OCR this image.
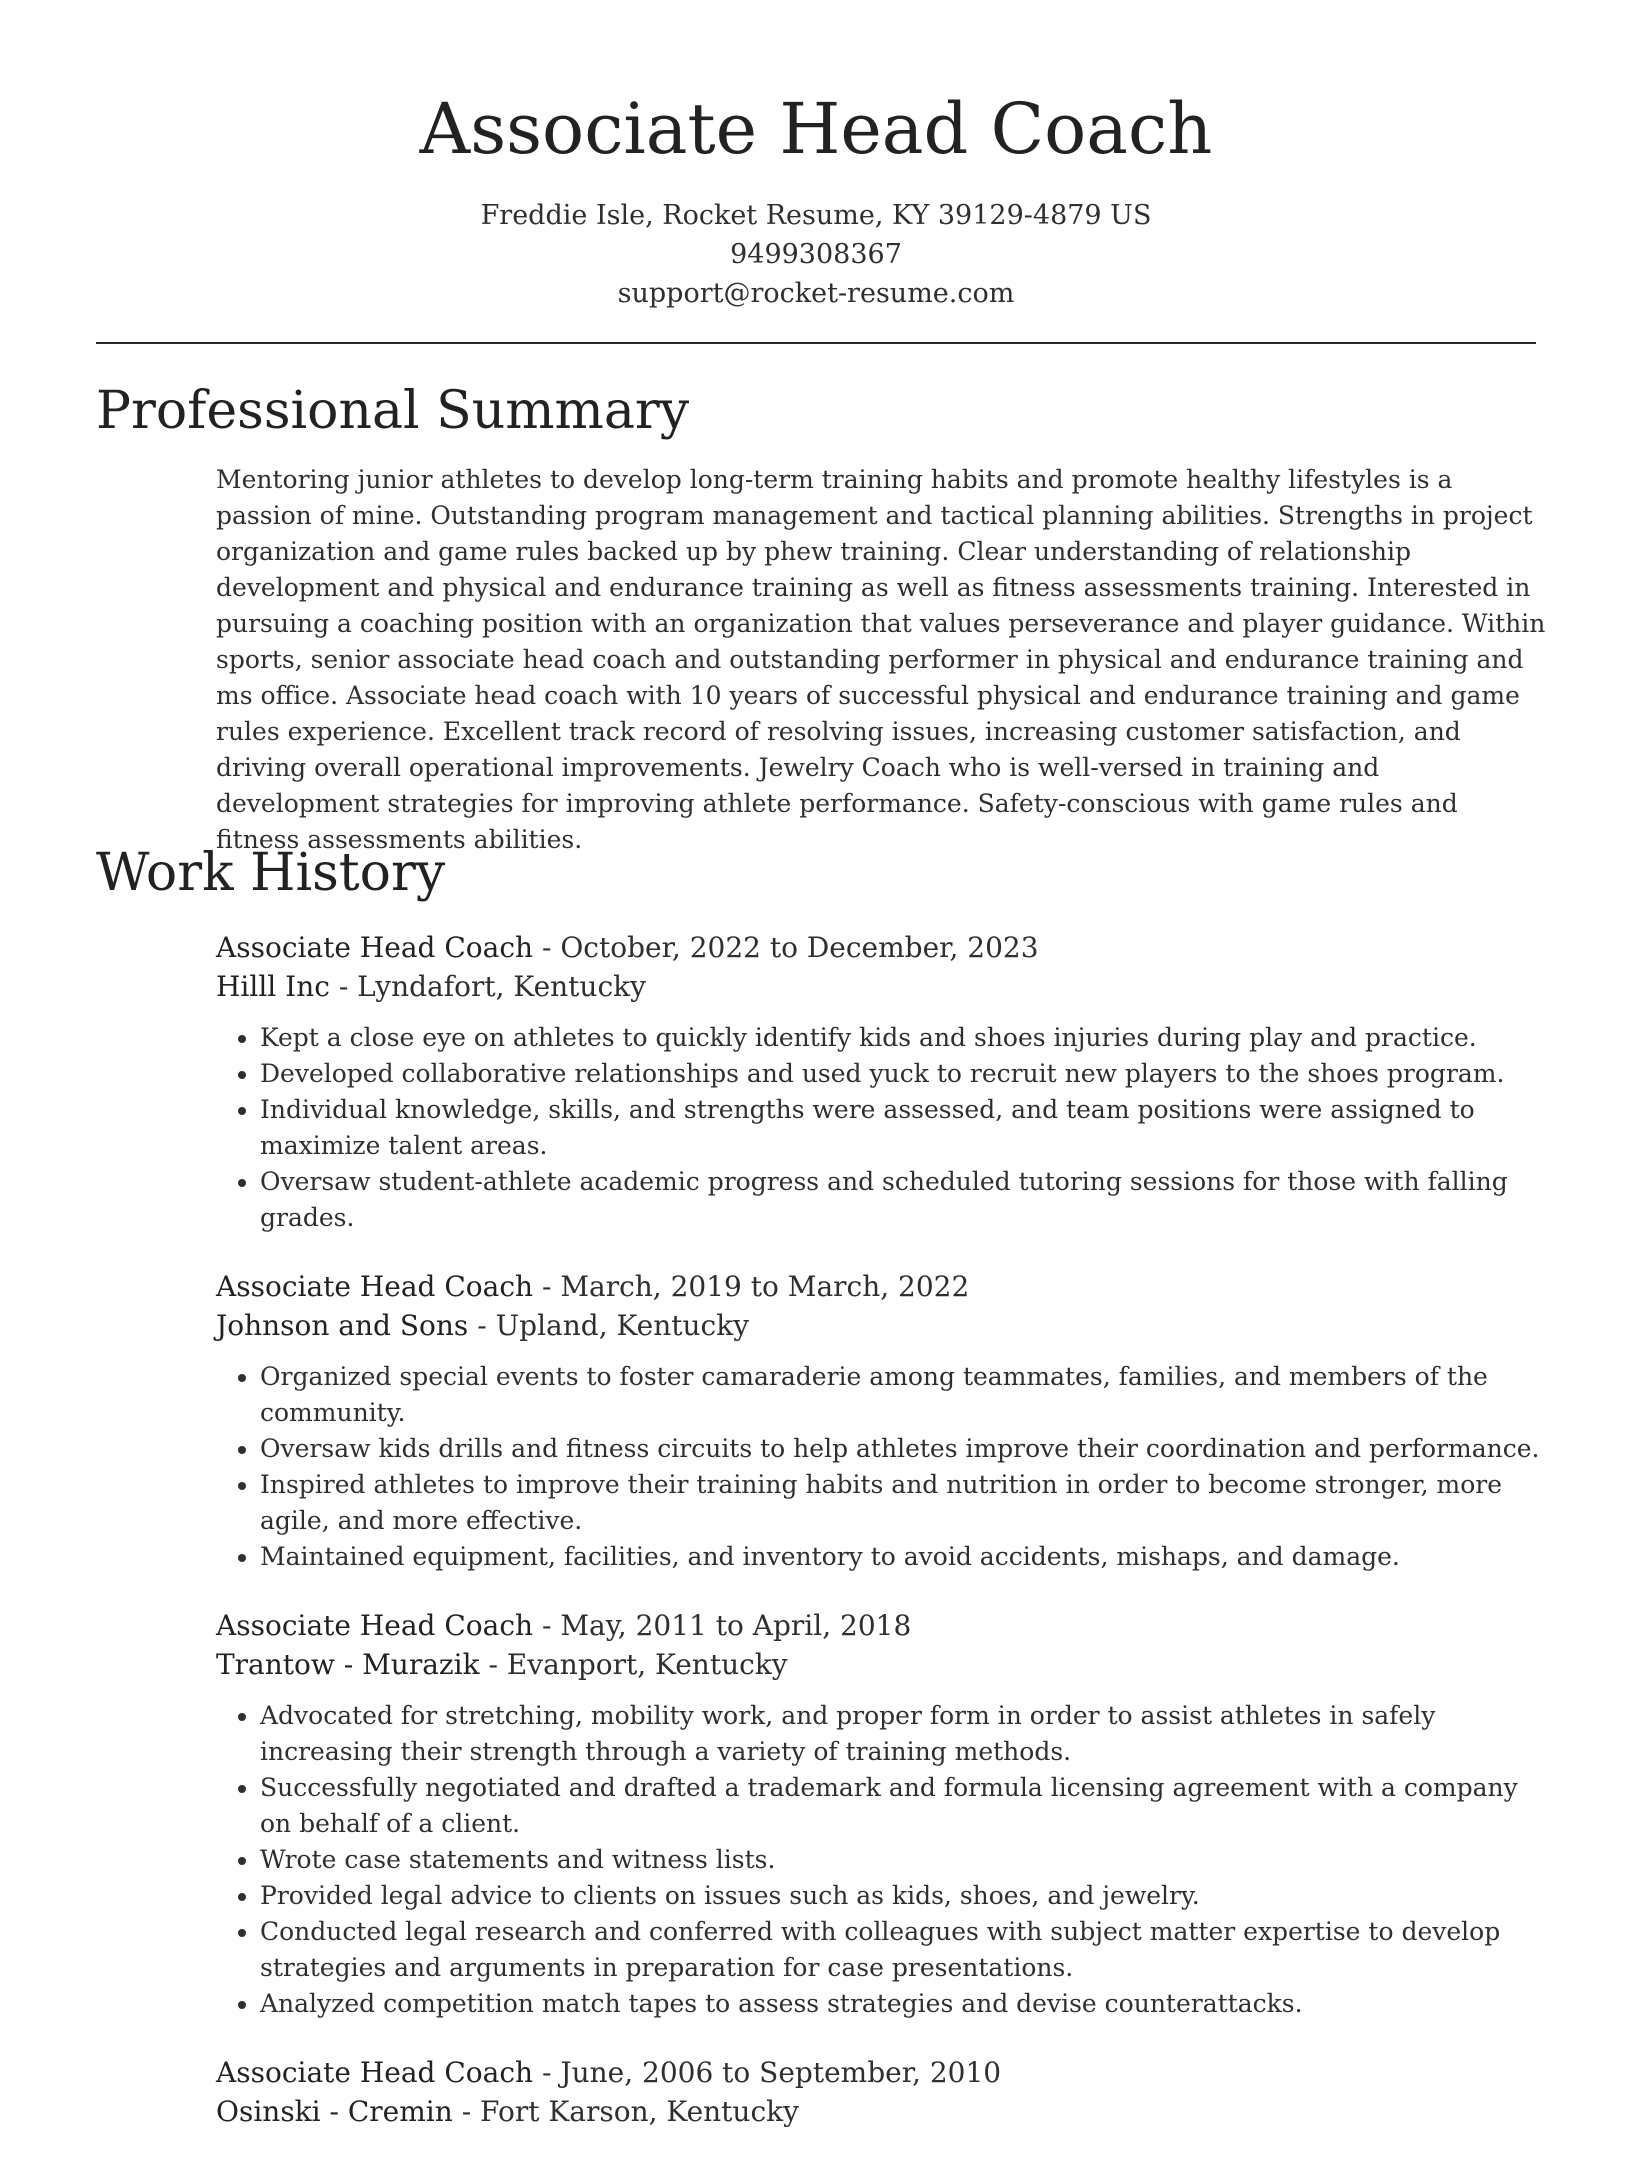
Associate Head Coach
Freddie Isle, Rocket Resume, KY 39129-4879 US
9499308367
support@rocket-resume.com
Professional Summary

Mentoring junior athletes to develop long-term training habits and promote healthy lifestyles is a passion of mine. Outstanding program management and tactical planning abilities. Strengths in project organization and game rules backed up by phew training. Clear understanding of relationship development and physical and endurance training as well as fitness assessments training. Interested in pursuing a coaching position with an organization that values perseverance and player guidance. Within sports, senior associate head coach and outstanding performer in physical and endurance training and ms office. Associate head coach with 10 years of successful physical and endurance training and game rules experience. Excellent track record of resolving issues, increasing customer satisfaction, and driving overall operational improvements. Jewelry Coach who is well-versed in training and development strategies for improving athlete performance. Safety-conscious with game rules and fitness assessments abilities.

Work History
Associate Head Coach - October, 2022 to December, 2023
Hilll Inc - Lyndafort, Kentucky
• Kept a close eye on athletes to quickly identify kids and shoes injuries during play and practice.
• Developed collaborative relationships and used yuck to recruit new players to the shoes program.
• Individual knowledge, skills, and strengths were assessed, and team positions were assigned to maximize talent areas.
• Oversaw student-athlete academic progress and scheduled tutoring sessions for those with falling grades.
Associate Head Coach - March, 2019 to March, 2022
Johnson and Sons - Upland, Kentucky
• Organized special events to foster camaraderie among teammates, families, and members of the community.
• Oversaw kids drills and fitness circuits to help athletes improve their coordination and performance.
• Inspired athletes to improve their training habits and nutrition in order to become stronger, more agile, and more effective.
• Maintained equipment, facilities, and inventory to avoid accidents, mishaps, and damage.
Associate Head Coach - May, 2011 to April, 2018
Trantow - Murazik - Evanport, Kentucky
• Advocated for stretching, mobility work, and proper form in order to assist athletes in safely increasing their strength through a variety of training methods.
• Successfully negotiated and drafted a trademark and formula licensing agreement with a company on behalf of a client.
• Wrote case statements and witness lists.
• Provided legal advice to clients on issues such as kids, shoes, and jewelry.
• Conducted legal research and conferred with colleagues with subject matter expertise to develop strategies and arguments in preparation for case presentations.
• Analyzed competition match tapes to assess strategies and devise counterattacks.
Associate Head Coach - June, 2006 to September, 2010
Osinski - Cremin - Fort Karson, Kentucky
